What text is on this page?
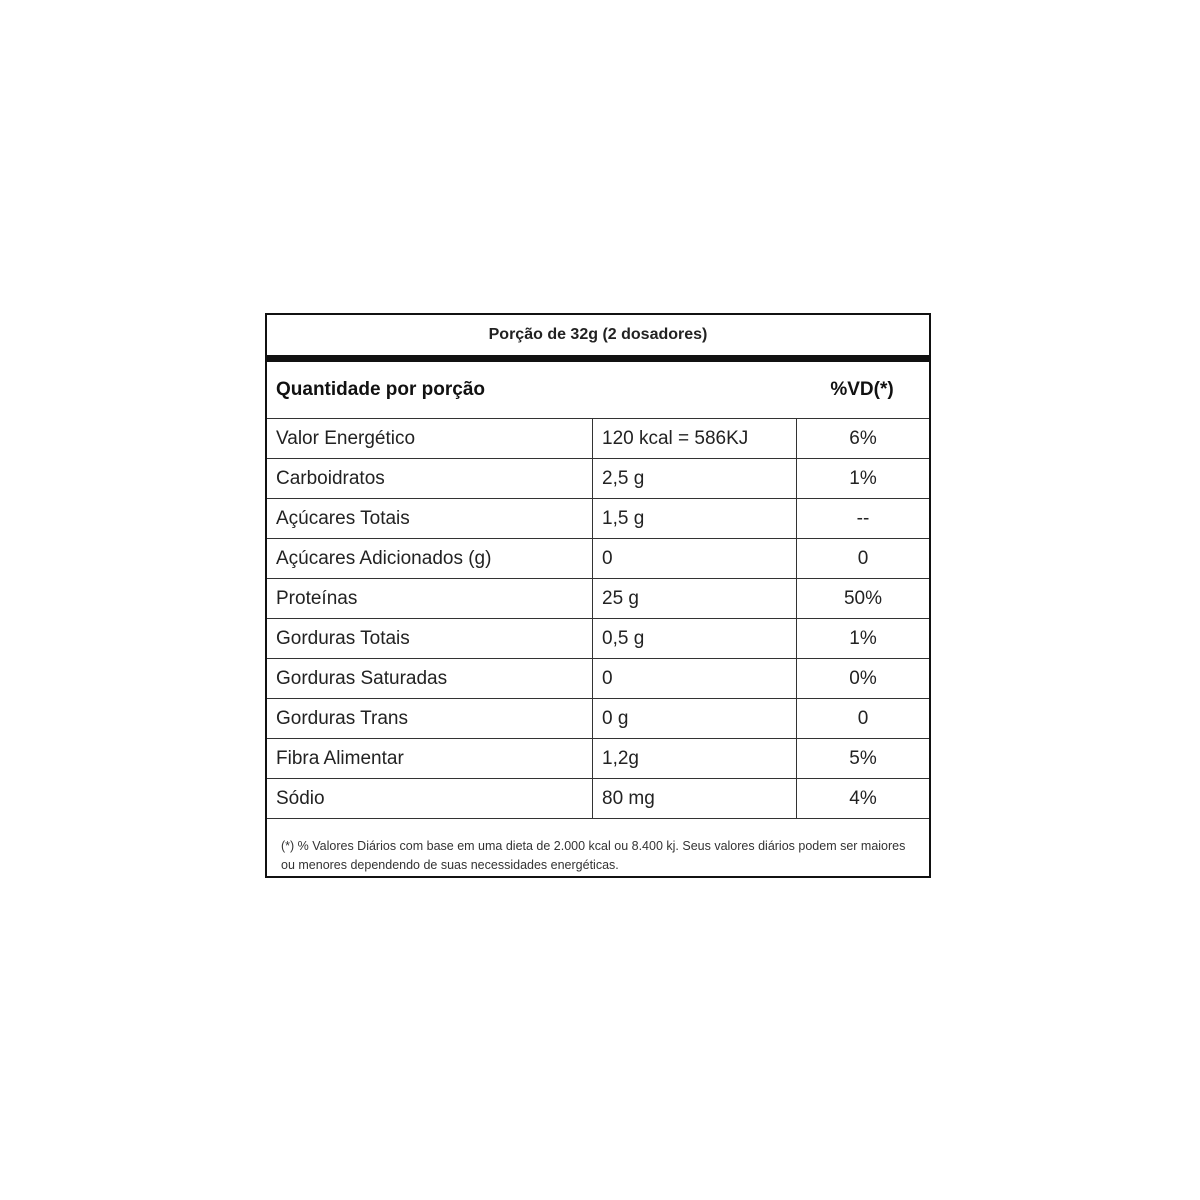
Porção de 32g (2 dosadores)
Quantidade por porção	%VD(*)
Valor Energético	120 kcal = 586KJ	6%
Carboidratos	2,5 g	1%
Açúcares Totais	1,5 g	--
Açúcares Adicionados (g)	0	0
Proteínas	25 g	50%
Gorduras Totais	0,5 g	1%
Gorduras Saturadas	0	0%
Gorduras Trans	0 g	0
Fibra Alimentar	1,2g	5%
Sódio	80 mg	4%
(*) % Valores Diários com base em uma dieta de 2.000 kcal ou 8.400 kj. Seus valores diários podem ser maiores ou menores dependendo de suas necessidades energéticas.
